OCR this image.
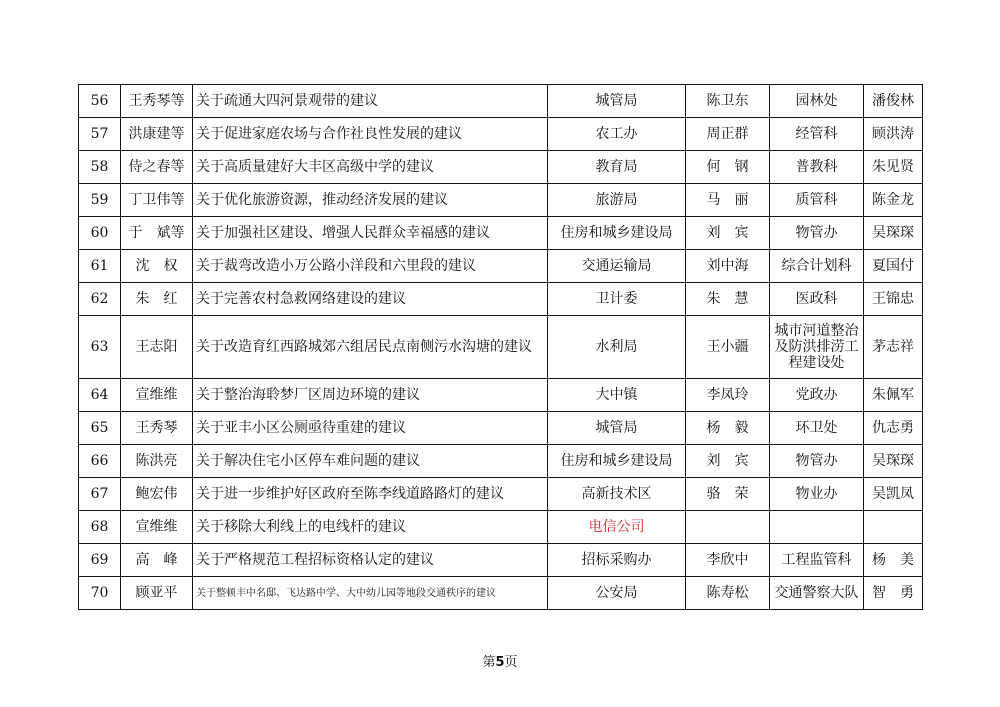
56	王秀琴等	关于疏通大四河景观带的建议	城管局	陈卫东	园林处	潘俊林
57	洪康建等	关于促进家庭农场与合作社良性发展的建议	农工办	周正群	经管科	顾洪涛
58	侍之春等	关于高质量建好大丰区高级中学的建议	教育局	何　钢	普教科	朱见贤
59	丁卫伟等	关于优化旅游资源，推动经济发展的建议	旅游局	马　丽	质管科	陈金龙
60	于　斌等	关于加强社区建设、增强人民群众幸福感的建议	住房和城乡建设局	刘　宾	物管办	吴琛琛
61	沈　权	关于裁弯改造小万公路小洋段和六里段的建议	交通运输局	刘中海	综合计划科	夏国付
62	朱　红	关于完善农村急救网络建设的建议	卫计委	朱　慧	医政科	王锦忠
63	王志阳	关于改造育红西路城郊六组居民点南侧污水沟塘的建议	水利局	王小疆	城市河道整治及防洪排涝工程建设处	茅志祥
64	宣维维	关于整治海聆梦厂区周边环境的建议	大中镇	李凤玲	党政办	朱佩军
65	王秀琴	关于亚丰小区公厕亟待重建的建议	城管局	杨　毅	环卫处	仇志勇
66	陈洪亮	关于解决住宅小区停车难问题的建议	住房和城乡建设局	刘　宾	物管办	吴琛琛
67	鲍宏伟	关于进一步维护好区政府至陈李线道路路灯的建议	高新技术区	骆　荣	物业办	吴凯凤
68	宣维维	关于移除大利线上的电线杆的建议	电信公司			
69	高　峰	关于严格规范工程招标资格认定的建议	招标采购办	李欣中	工程监管科	杨　美
70	顾亚平	关于整顿丰中名邸、飞达路中学、大中幼儿园等地段交通秩序的建议	公安局	陈寿松	交通警察大队	智　勇
第5页
